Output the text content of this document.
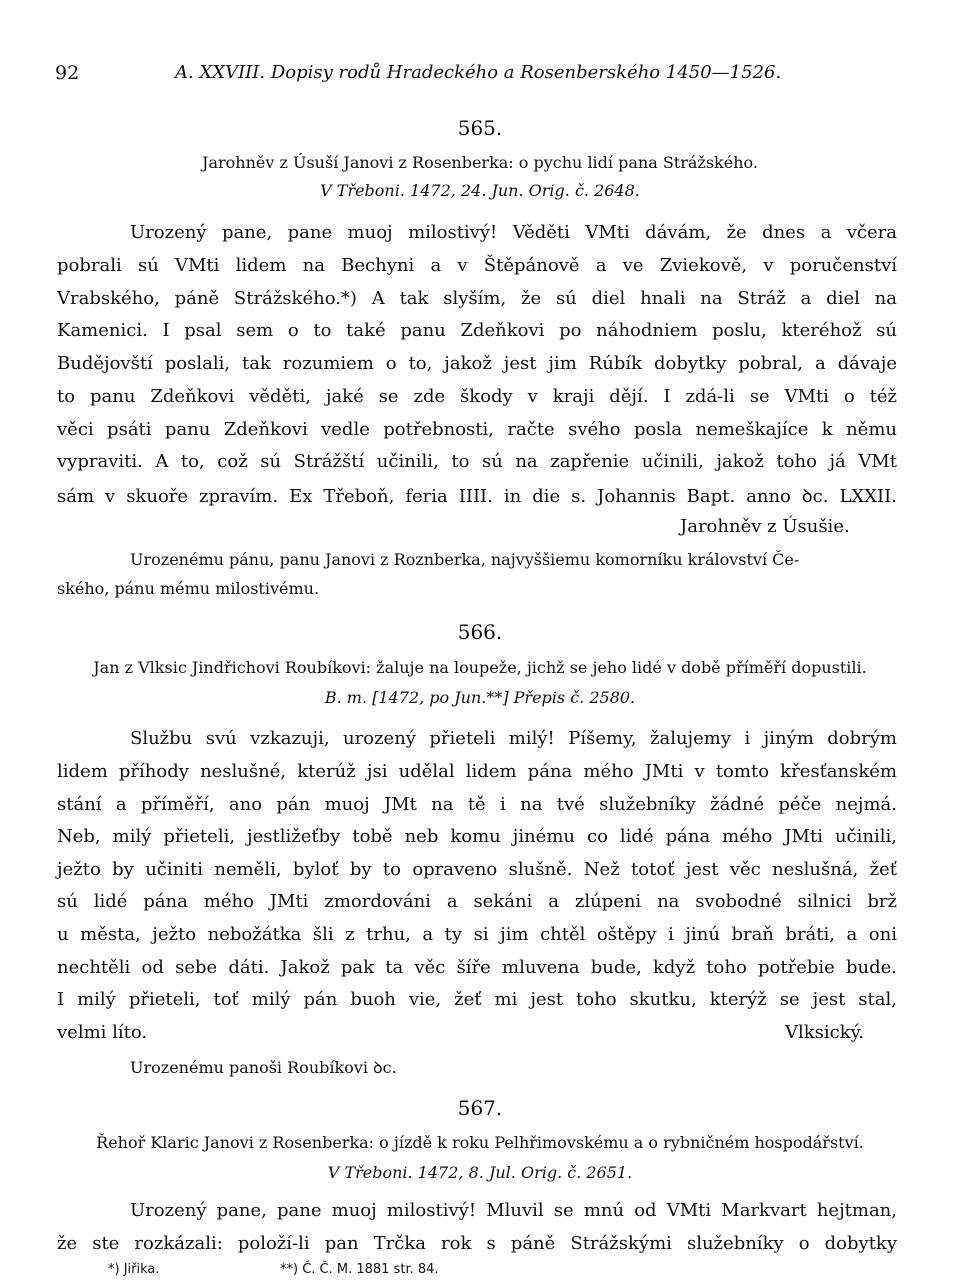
92	A. XXVIII. Dopisy rodů Hradeckého a Rosenberského 1450—1526.
565.
Jarohněv z Úsuší Janovi z Rosenberka: o pychu lidí pana Strážského.
V Třeboni. 1472, 24. Jun. Orig. č. 2648.
Urozený pane, pane muoj milostivý! Věděti VMti dávám, že dnes a včera
pobrali sú VMti lidem na Bechyni a v Štěpánově a ve Zviekově, v poručenství
Vrabského, páně Strážského.*) A tak slyším, že sú diel hnali na Stráž a diel na
Kamenici. I psal sem o to také panu Zdeňkovi po náhodniem poslu, kteréhož sú
Budějovští poslali, tak rozumiem o to, jakož jest jim Rúbík dobytky pobral, a dávaje
to panu Zdeňkovi věděti, jaké se zde škody v kraji dějí. I zdá-li se VMti o též
věci psáti panu Zdeňkovi vedle potřebnosti, račte svého posla nemeškajíce k němu
vypraviti. A to, což sú Strážští učinili, to sú na zapřenie učinili, jakož toho já VMt
sám v skuoře zpravím. Ex Třeboň, feria IIII. in die s. Johannis Bapt. anno ꝺc. LXXII.
Jarohněv z Úsušie.
Urozenému pánu, panu Janovi z Roznberka, najvyššiemu komorníku království Če-
ského, pánu mému milostivému.
566.
Jan z Vlksic Jindřichovi Roubíkovi: žaluje na loupeže, jichž se jeho lidé v době příměří dopustili.
B. m. [1472, po Jun.**] Přepis č. 2580.
Službu svú vzkazuji, urozený přieteli milý! Píšemy, žalujemy i jiným dobrým
lidem příhody neslušné, kterúž jsi udělal lidem pána mého JMti v tomto křesťanském
stání a příměří, ano pán muoj JMt na tě i na tvé služebníky žádné péče nejmá.
Neb, milý přieteli, jestližeťby tobě neb komu jinému co lidé pána mého JMti učinili,
ježto by učiniti neměli, byloť by to opraveno slušně. Než totoť jest věc neslušná, žeť
sú lidé pána mého JMti zmordováni a sekáni a zlúpeni na svobodné silnici brž
u města, ježto nebožátka šli z trhu, a ty si jim chtěl oštěpy i jinú braň bráti, a oni
nechtěli od sebe dáti. Jakož pak ta věc šíře mluvena bude, když toho potřebie bude.
I milý přieteli, toť milý pán buoh vie, žeť mi jest toho skutku, kterýž se jest stal,
velmi líto.	Vlksický.
Urozenému panoši Roubíkovi ꝺc.
567.
Řehoř Klaric Janovi z Rosenberka: o jízdě k roku Pelhřimovskému a o rybničném hospodářství.
V Třeboni. 1472, 8. Jul. Orig. č. 2651.
Urozený pane, pane muoj milostivý! Mluvil se mnú od VMti Markvart hejtman,
že ste rozkázali: položí-li pan Trčka rok s páně Strážskými služebníky o dobytky
*) Jiřika.	**) Č. Č. M. 1881 str. 84.
